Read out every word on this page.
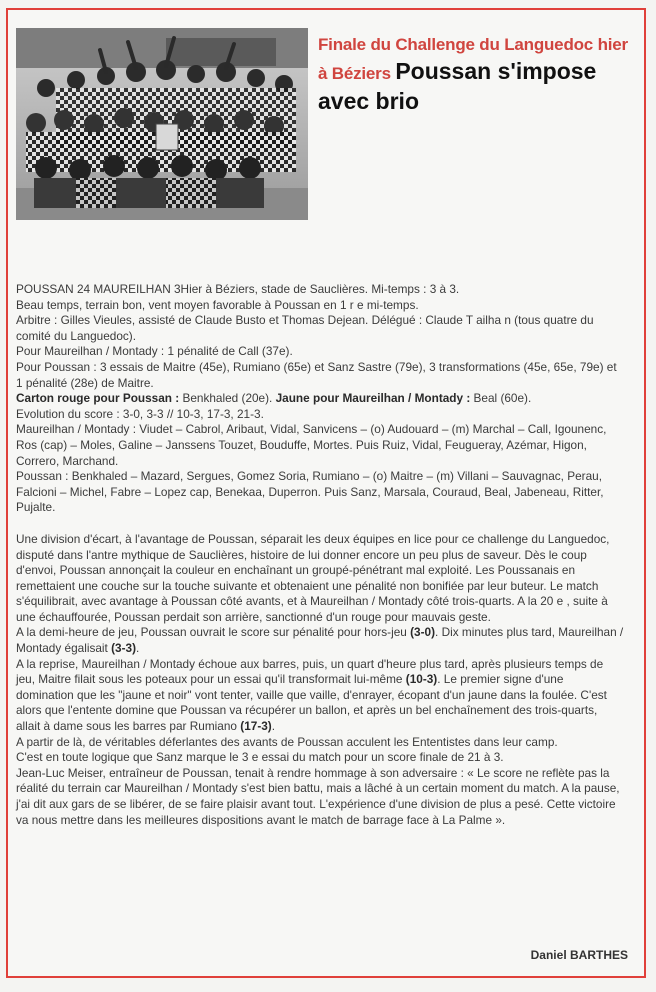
Finale du Challenge du Languedoc hier
à Béziers Poussan s'impose
avec brio

POUSSAN 24 MAUREILHAN 3Hier à Béziers, stade de Sauclières. Mi-temps : 3 à 3.

Beau temps, terrain bon, vent moyen favorable à Poussan en 1 r e mi-temps.

Arbitre : Gilles Vieules, assisté de Claude Busto et Thomas Dejean. Délégué : Claude T ailha n (tous quatre du comité du Languedoc).

Pour Maureilhan / Montady : 1 pénalité de Call (37e).

Pour Poussan : 3 essais de Maitre (45e), Rumiano (65e) et Sanz Sastre (79e), 3 transformations (45e, 65e, 79e) et 1 pénalité (28e) de Maitre.

Carton rouge pour Poussan : Benkhaled (20e). Jaune pour Maureilhan / Montady : Beal (60e).

Evolution du score : 3-0, 3-3 // 10-3, 17-3, 21-3.

Maureilhan / Montady : Viudet – Cabrol, Aribaut, Vidal, Sanvicens – (o) Audouard – (m) Marchal – Call, Igounenc, Ros (cap) – Moles, Galine – Janssens Touzet, Bouduffe, Mortes. Puis Ruiz, Vidal, Feugueray, Azémar, Higon, Correro, Marchand.

Poussan : Benkhaled – Mazard, Sergues, Gomez Soria, Rumiano – (o) Maitre – (m) Villani – Sauvagnac, Perau, Falcioni – Michel, Fabre – Lopez cap, Benekaa, Duperron. Puis Sanz, Marsala, Couraud, Beal, Jabeneau, Ritter, Pujalte.

Une division d'écart, à l'avantage de Poussan, séparait les deux équipes en lice pour ce challenge du Languedoc, disputé dans l'antre mythique de Sauclières, histoire de lui donner encore un peu plus de saveur. Dès le coup d'envoi, Poussan annonçait la couleur en enchaînant un groupé-pénétrant mal exploité. Les Poussanais en remettaient une couche sur la touche suivante et obtenaient une pénalité non bonifiée par leur buteur. Le match s'équilibrait, avec avantage à Poussan côté avants, et à Maureilhan / Montady côté trois-quarts. A la 20 e , suite à une échauffourée, Poussan perdait son arrière, sanctionné d'un rouge pour mauvais geste.

A la demi-heure de jeu, Poussan ouvrait le score sur pénalité pour hors-jeu (3-0). Dix minutes plus tard, Maureilhan / Montady égalisait (3-3).

A la reprise, Maureilhan / Montady échoue aux barres, puis, un quart d'heure plus tard, après plusieurs temps de jeu, Maitre filait sous les poteaux pour un essai qu'il transformait lui-même (10-3). Le premier signe d'une domination que les "jaune et noir" vont tenter, vaille que vaille, d'enrayer, écopant d'un jaune dans la foulée. C'est alors que l'entente domine que Poussan va récupérer un ballon, et après un bel enchaînement des trois-quarts, allait à dame sous les barres par Rumiano (17-3).

A partir de là, de véritables déferlantes des avants de Poussan acculent les Ententistes dans leur camp.

C'est en toute logique que Sanz marque le 3 e essai du match pour un score finale de 21 à 3.

Jean-Luc Meiser, entraîneur de Poussan, tenait à rendre hommage à son adversaire : « Le score ne reflète pas la réalité du terrain car Maureilhan / Montady s'est bien battu, mais a lâché à un certain moment du match. A la pause, j'ai dit aux gars de se libérer, de se faire plaisir avant tout. L'expérience d'une division de plus a pesé. Cette victoire va nous mettre dans les meilleures dispositions avant le match de barrage face à La Palme ».

Daniel BARTHES
